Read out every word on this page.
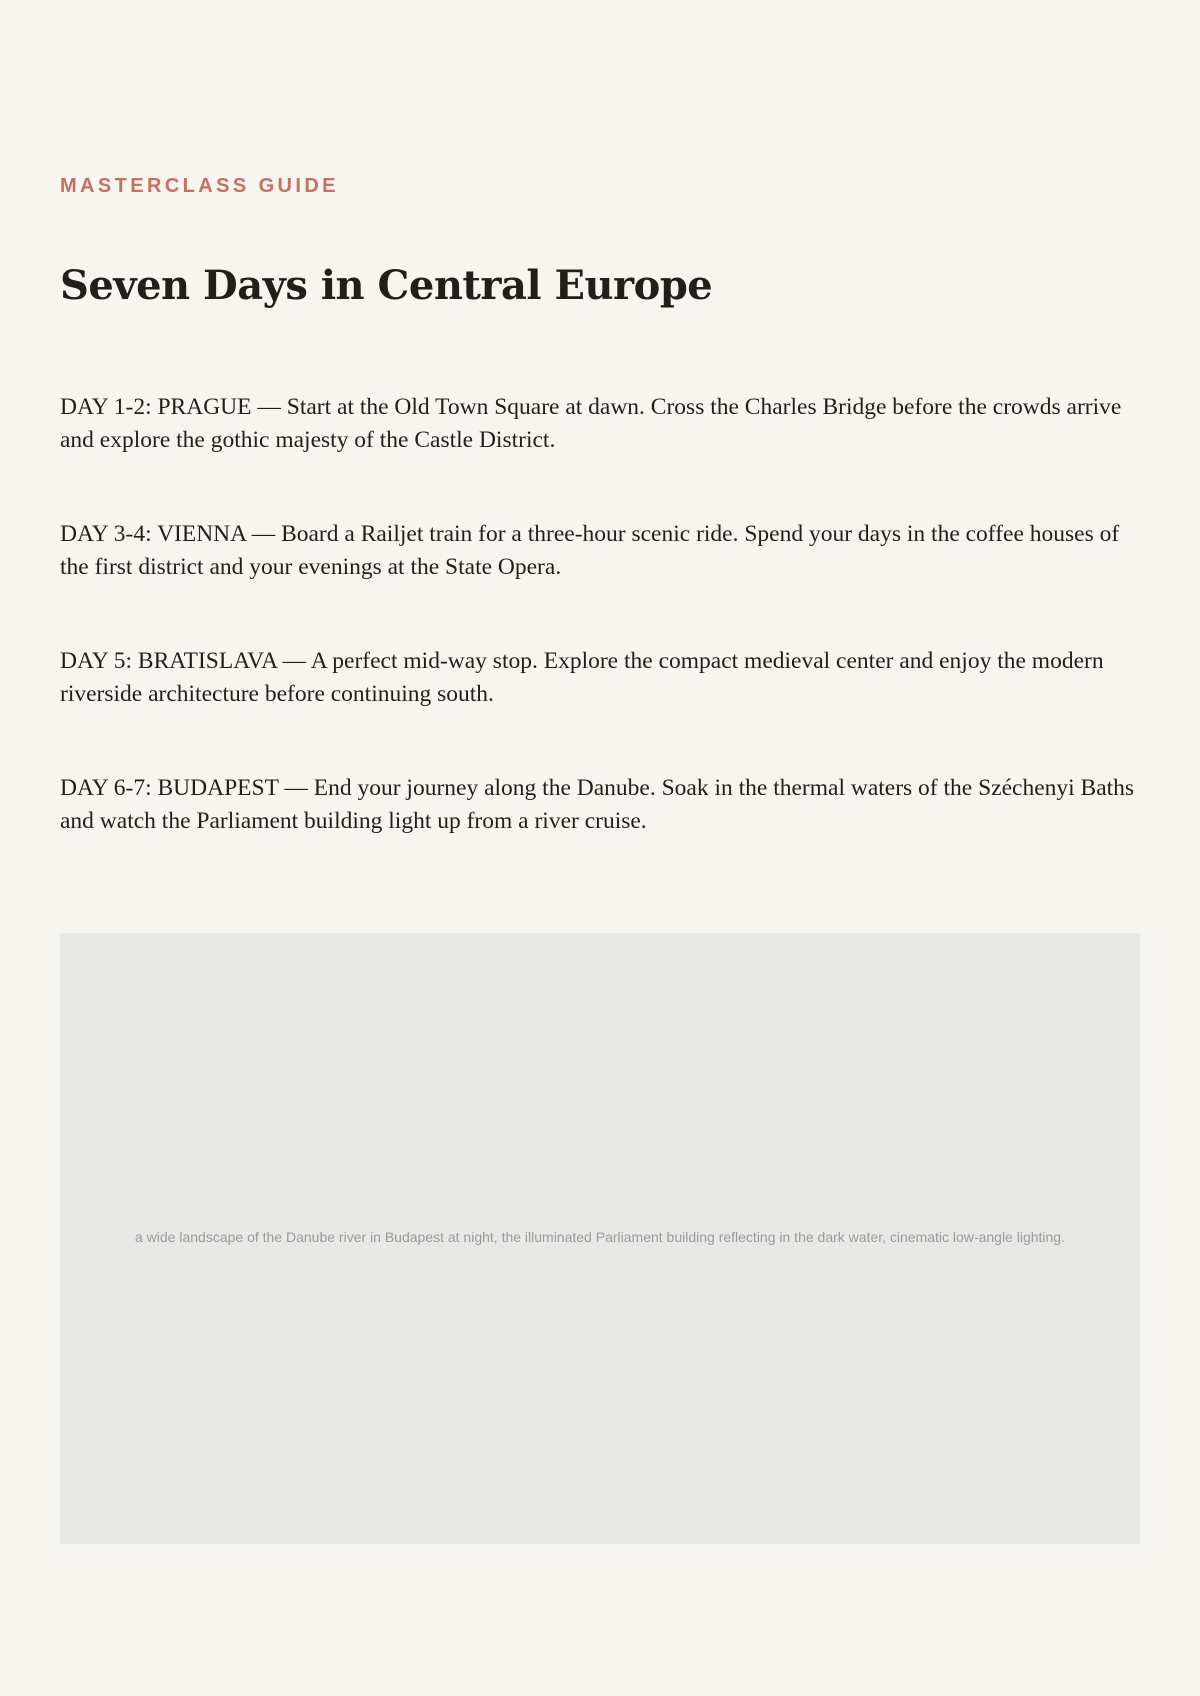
MASTERCLASS GUIDE
Seven Days in Central Europe

DAY 1-2: PRAGUE — Start at the Old Town Square at dawn. Cross the Charles Bridge before the crowds arrive and explore the gothic majesty of the Castle District.

DAY 3-4: VIENNA — Board a Railjet train for a three-hour scenic ride. Spend your days in the coffee houses of the first district and your evenings at the State Opera.

DAY 5: BRATISLAVA — A perfect mid-way stop. Explore the compact medieval center and enjoy the modern riverside architecture before continuing south.

DAY 6-7: BUDAPEST — End your journey along the Danube. Soak in the thermal waters of the Széchenyi Baths and watch the Parliament building light up from a river cruise.

a wide landscape of the Danube river in Budapest at night, the illuminated Parliament building reflecting in the dark water, cinematic low-angle lighting.
